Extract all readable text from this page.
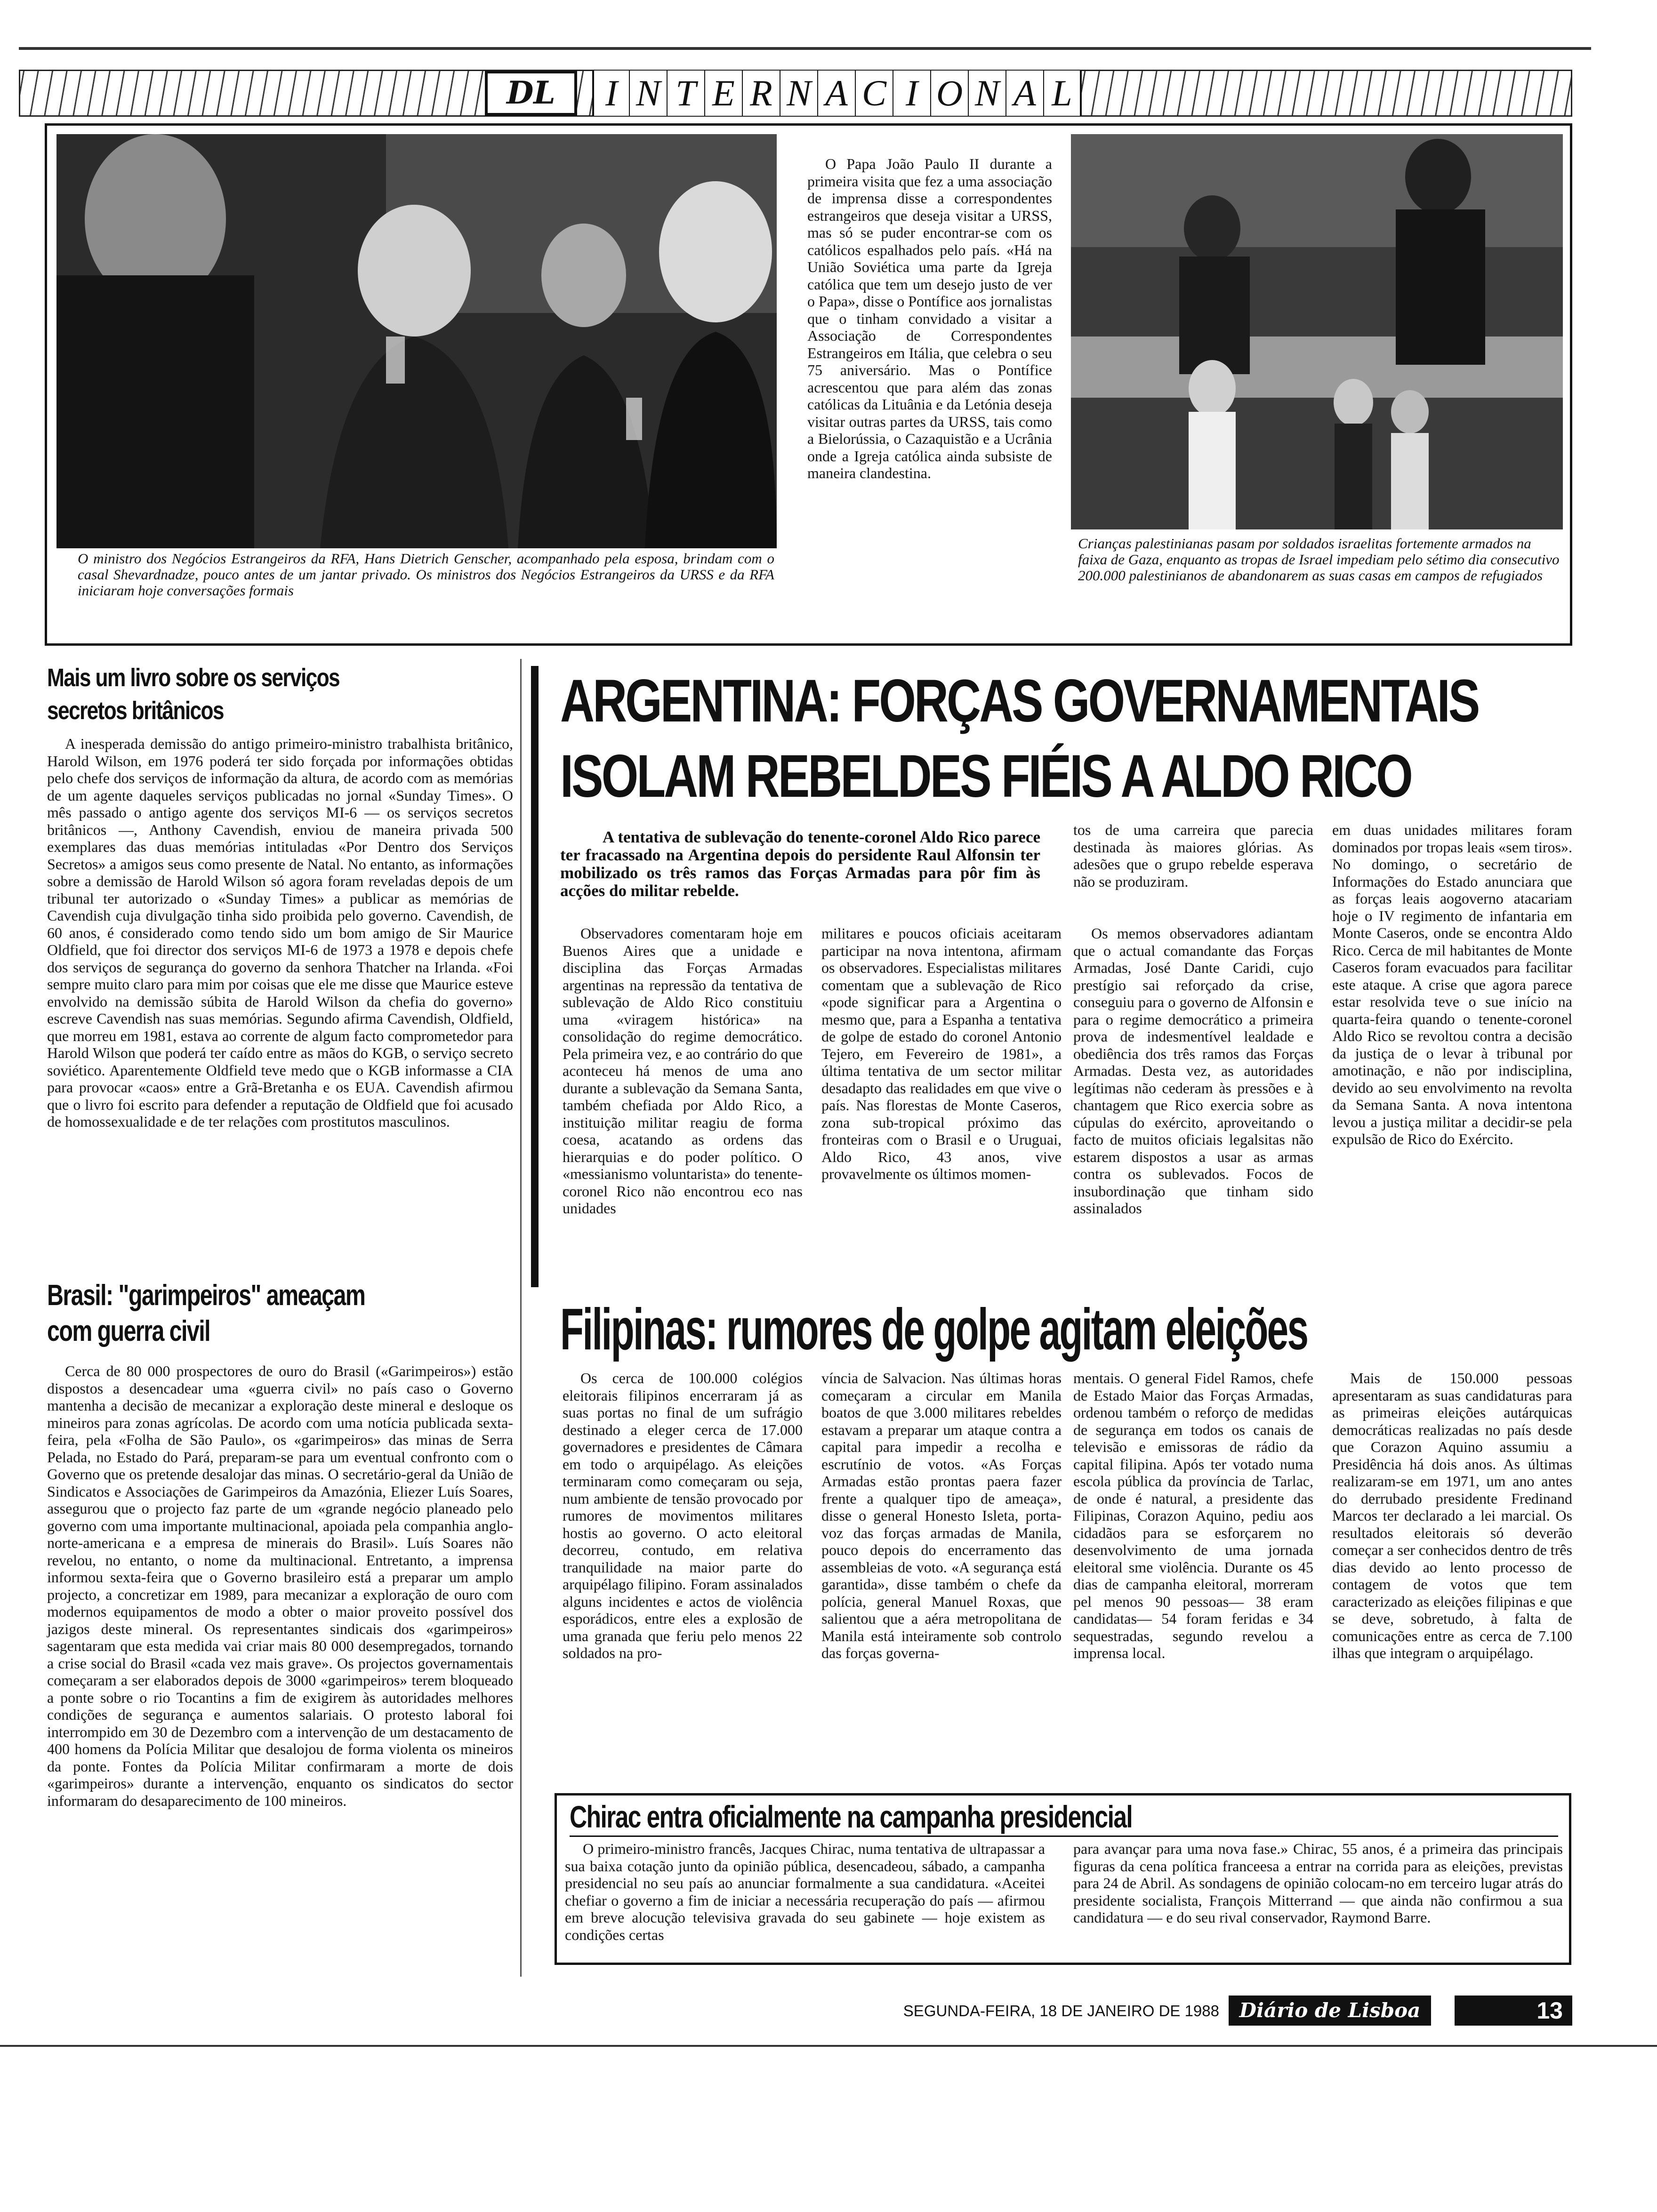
DL	I N T E R N A C I O N A L
O ministro dos Negócios Estrangeiros da RFA, Hans Dietrich Genscher, acompanhado pela esposa, brindam com o casal Shevardnadze, pouco antes de um jantar privado. Os ministros dos Negócios Estrangeiros da URSS e da RFA iniciaram hoje conversações formais

O Papa João Paulo II durante a primeira visita que fez a uma associação de imprensa disse a correspondentes estrangeiros que deseja visitar a URSS, mas só se puder encontrar-se com os católicos espalhados pelo país. «Há na União Soviética uma parte da Igreja católica que tem um desejo justo de ver o Papa», disse o Pontífice aos jornalistas que o tinham convidado a visitar a Associação de Correspondentes Estrangeiros em Itália, que celebra o seu 75 aniversário. Mas o Pontífice acrescentou que para além das zonas católicas da Lituânia e da Letónia deseja visitar outras partes da URSS, tais como a Bielorússia, o Cazaquistão e a Ucrânia onde a Igreja católica ainda subsiste de maneira clandestina.

Crianças palestinianas pasam por soldados israelitas fortemente armados na faixa de Gaza, enquanto as tropas de Israel impediam pelo sétimo dia consecutivo 200.000 palestinianos de abandonarem as suas casas em campos de refugiados
Mais um livro sobre os serviços
secretos britânicos

A inesperada demissão do antigo primeiro-ministro trabalhista britânico, Harold Wilson, em 1976 poderá ter sido forçada por informações obtidas pelo chefe dos serviços de informação da altura, de acordo com as memórias de um agente daqueles serviços publicadas no jornal «Sunday Times». O mês passado o antigo agente dos serviços MI-6 — os serviços secretos britânicos —, Anthony Cavendish, enviou de maneira privada 500 exemplares das duas memórias intituladas «Por Dentro dos Serviços Secretos» a amigos seus como presente de Natal. No entanto, as informações sobre a demissão de Harold Wilson só agora foram reveladas depois de um tribunal ter autorizado o «Sunday Times» a publicar as memórias de Cavendish cuja divulgação tinha sido proibida pelo governo. Cavendish, de 60 anos, é considerado como tendo sido um bom amigo de Sir Maurice Oldfield, que foi director dos serviços MI-6 de 1973 a 1978 e depois chefe dos serviços de segurança do governo da senhora Thatcher na Irlanda. «Foi sempre muito claro para mim por coisas que ele me disse que Maurice esteve envolvido na demissão súbita de Harold Wilson da chefia do governo» escreve Cavendish nas suas memórias. Segundo afirma Cavendish, Oldfield, que morreu em 1981, estava ao corrente de algum facto comprometedor para Harold Wilson que poderá ter caído entre as mãos do KGB, o serviço secreto soviético. Aparentemente Oldfield teve medo que o KGB informasse a CIA para provocar «caos» entre a Grã-Bretanha e os EUA. Cavendish afirmou que o livro foi escrito para defender a reputação de Oldfield que foi acusado de homossexualidade e de ter relações com prostitutos masculinos.

Brasil: "garimpeiros" ameaçam
com guerra civil

Cerca de 80 000 prospectores de ouro do Brasil («Garimpeiros») estão dispostos a desencadear uma «guerra civil» no país caso o Governo mantenha a decisão de mecanizar a exploração deste mineral e desloque os mineiros para zonas agrícolas. De acordo com uma notícia publicada sexta-feira, pela «Folha de São Paulo», os «garimpeiros» das minas de Serra Pelada, no Estado do Pará, preparam-se para um eventual confronto com o Governo que os pretende desalojar das minas. O secretário-geral da União de Sindicatos e Associações de Garimpeiros da Amazónia, Eliezer Luís Soares, assegurou que o projecto faz parte de um «grande negócio planeado pelo governo com uma importante multinacional, apoiada pela companhia anglo-norte-americana e a empresa de minerais do Brasil». Luís Soares não revelou, no entanto, o nome da multinacional. Entretanto, a imprensa informou sexta-feira que o Governo brasileiro está a preparar um amplo projecto, a concretizar em 1989, para mecanizar a exploração de ouro com modernos equipamentos de modo a obter o maior proveito possível dos jazigos deste mineral. Os representantes sindicais dos «garimpeiros» sagentaram que esta medida vai criar mais 80 000 desempregados, tornando a crise social do Brasil «cada vez mais grave». Os projectos governamentais começaram a ser elaborados depois de 3000 «garimpeiros» terem bloqueado a ponte sobre o rio Tocantins a fim de exigirem às autoridades melhores condições de segurança e aumentos salariais. O protesto laboral foi interrompido em 30 de Dezembro com a intervenção de um destacamento de 400 homens da Polícia Militar que desalojou de forma violenta os mineiros da ponte. Fontes da Polícia Militar confirmaram a morte de dois «garimpeiros» durante a intervenção, enquanto os sindicatos do sector informaram do desaparecimento de 100 mineiros.

ARGENTINA: FORÇAS GOVERNAMENTAIS
ISOLAM REBELDES FIÉIS A ALDO RICO
A tentativa de sublevação do tenente-coronel Aldo Rico parece ter fracassado na Argentina depois do persidente Raul Alfonsin ter mobilizado os três ramos das Forças Armadas para pôr fim às acções do militar rebelde.

tos de uma carreira que parecia destinada às maiores glórias. As adesões que o grupo rebelde esperava não se produziram.

Observadores comentaram hoje em Buenos Aires que a unidade e disciplina das Forças Armadas argentinas na repressão da tentativa de sublevação de Aldo Rico constituiu uma «viragem histórica» na consolidação do regime democrático. Pela primeira vez, e ao contrário do que aconteceu há menos de uma ano durante a sublevação da Semana Santa, também chefiada por Aldo Rico, a instituição militar reagiu de forma coesa, acatando as ordens das hierarquias e do poder político. O «messianismo voluntarista» do tenente-coronel Rico não encontrou eco nas unidades

militares e poucos oficiais aceitaram participar na nova intentona, afirmam os observadores. Especialistas militares comentam que a sublevação de Rico «pode significar para a Argentina o mesmo que, para a Espanha a tentativa de golpe de estado do coronel Antonio Tejero, em Fevereiro de 1981», a última tentativa de um sector militar desadapto das realidades em que vive o país. Nas florestas de Monte Caseros, zona sub-tropical próximo das fronteiras com o Brasil e o Uruguai, Aldo Rico, 43 anos, vive provavelmente os últimos momen-

Os memos observadores adiantam que o actual comandante das Forças Armadas, José Dante Caridi, cujo prestígio sai reforçado da crise, conseguiu para o governo de Alfonsin e para o regime democrático a primeira prova de indesmentível lealdade e obediência dos três ramos das Forças Armadas. Desta vez, as autoridades legítimas não cederam às pressões e à chantagem que Rico exercia sobre as cúpulas do exército, aproveitando o facto de muitos oficiais legalsitas não estarem dispostos a usar as armas contra os sublevados. Focos de insubordinação que tinham sido assinalados

em duas unidades militares foram dominados por tropas leais «sem tiros». No domingo, o secretário de Informações do Estado anunciara que as forças leais aogoverno atacariam hoje o IV regimento de infantaria em Monte Caseros, onde se encontra Aldo Rico. Cerca de mil habitantes de Monte Caseros foram evacuados para facilitar este ataque. A crise que agora parece estar resolvida teve o sue início na quarta-feira quando o tenente-coronel Aldo Rico se revoltou contra a decisão da justiça de o levar à tribunal por amotinação, e não por indisciplina, devido ao seu envolvimento na revolta da Semana Santa. A nova intentona levou a justiça militar a decidir-se pela expulsão de Rico do Exército.

Filipinas: rumores de golpe agitam eleições

Os cerca de 100.000 colégios eleitorais filipinos encerraram já as suas portas no final de um sufrágio destinado a eleger cerca de 17.000 governadores e presidentes de Câmara em todo o arquipélago. As eleições terminaram como começaram ou seja, num ambiente de tensão provocado por rumores de movimentos militares hostis ao governo. O acto eleitoral decorreu, contudo, em relativa tranquilidade na maior parte do arquipélago filipino. Foram assinalados alguns incidentes e actos de violência esporádicos, entre eles a explosão de uma granada que feriu pelo menos 22 soldados na pro-

víncia de Salvacion. Nas últimas horas começaram a circular em Manila boatos de que 3.000 militares rebeldes estavam a preparar um ataque contra a capital para impedir a recolha e escrutínio de votos. «As Forças Armadas estão prontas paera fazer frente a qualquer tipo de ameaça», disse o general Honesto Isleta, porta-voz das forças armadas de Manila, pouco depois do encerramento das assembleias de voto. «A segurança está garantida», disse também o chefe da polícia, general Manuel Roxas, que salientou que a aéra metropolitana de Manila está inteiramente sob controlo das forças governa-

mentais. O general Fidel Ramos, chefe de Estado Maior das Forças Armadas, ordenou também o reforço de medidas de segurança em todos os canais de televisão e emissoras de rádio da capital filipina. Após ter votado numa escola pública da província de Tarlac, de onde é natural, a presidente das Filipinas, Corazon Aquino, pediu aos cidadãos para se esforçarem no desenvolvimento de uma jornada eleitoral sme violência. Durante os 45 dias de campanha eleitoral, morreram pel menos 90 pessoas— 38 eram candidatas— 54 foram feridas e 34 sequestradas, segundo revelou a imprensa local.

Mais de 150.000 pessoas apresentaram as suas candidaturas para as primeiras eleições autárquicas democráticas realizadas no país desde que Corazon Aquino assumiu a Presidência há dois anos. As últimas realizaram-se em 1971, um ano antes do derrubado presidente Fredinand Marcos ter declarado a lei marcial. Os resultados eleitorais só deverão começar a ser conhecidos dentro de três dias devido ao lento processo de contagem de votos que tem caracterizado as eleições filipinas e que se deve, sobretudo, à falta de comunicações entre as cerca de 7.100 ilhas que integram o arquipélago.

Chirac entra oficialmente na campanha presidencial

O primeiro-ministro francês, Jacques Chirac, numa tentativa de ultrapassar a sua baixa cotação junto da opinião pública, desencadeou, sábado, a campanha presidencial no seu país ao anunciar formalmente a sua candidatura. «Aceitei chefiar o governo a fim de iniciar a necessária recuperação do país — afirmou em breve alocução televisiva gravada do seu gabinete — hoje existem as condições certas

para avançar para uma nova fase.» Chirac, 55 anos, é a primeira das principais figuras da cena política franceesa a entrar na corrida para as eleições, previstas para 24 de Abril. As sondagens de opinião colocam-no em terceiro lugar atrás do presidente socialista, François Mitterrand — que ainda não confirmou a sua candidatura — e do seu rival conservador, Raymond Barre.

SEGUNDA-FEIRA, 18 DE JANEIRO DE 1988	Diário de Lisboa	13
